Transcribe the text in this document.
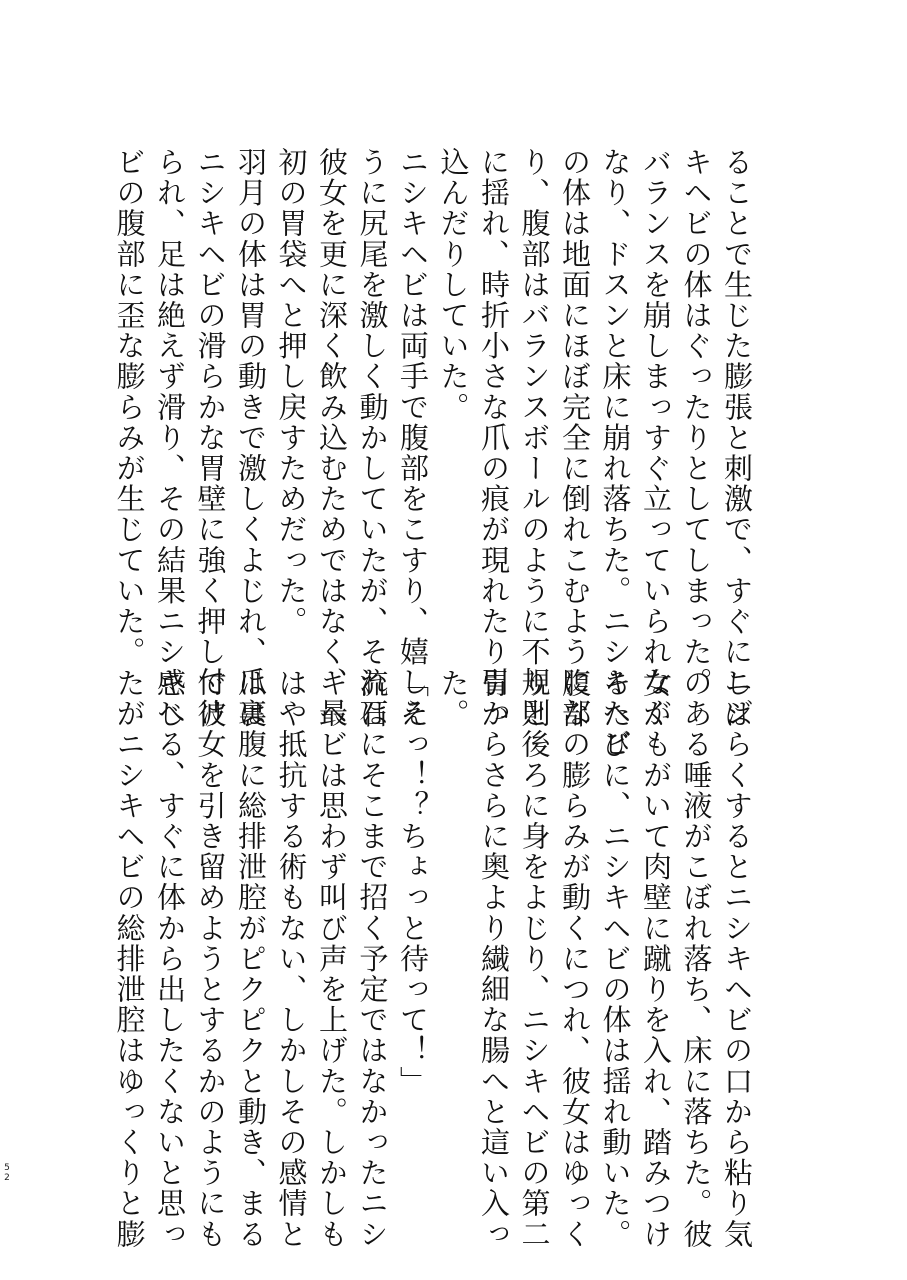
ることで生じた膨張と刺激で、すぐにニシ
キヘビの体はぐったりとしてしまった。
バランスを崩しまっすぐ立っていられなく
なり、ドスンと床に崩れ落ちた。ニシキヘビ
の体は地面にほぼ完全に倒れこむようにな
り、腹部はバランスボールのように不規則
に揺れ、時折小さな爪の痕が現れたり引っ
込んだりしていた。
ニシキヘビは両手で腹部をこすり、嬉しそ
うに尻尾を激しく動かしていたが、それは
彼女を更に深く飲み込むためではなく、最
初の胃袋へと押し戻すためだった。
羽月の体は胃の動きで激しくよじれ、爪は
ニシキヘビの滑らかな胃壁に強く押し付け
られ、足は絶えず滑り、その結果ニシキへ
ビの腹部に歪な膨らみが生じていた。
しばらくするとニシキヘビの口から粘り気
のある唾液がこぼれ落ち、床に落ちた。彼
女がもがいて肉壁に蹴りを入れ、踏みつけ
るたびに、ニシキヘビの体は揺れ動いた。
腹部の膨らみが動くにつれ、彼女はゆっく
りと後ろに身をよじり、ニシキヘビの第二
胃からさらに奥より繊細な腸へと這い入っ
た。
「えっ！？ちょっと待って！」
流石にそこまで招く予定ではなかったニシ
キヘビは思わず叫び声を上げた。しかしも
はや抵抗する術もない、しかしその感情と
は裏腹に総排泄腔がピクピクと動き、まる
で彼女を引き留めようとするかのようにも
感じる、すぐに体から出したくないと思っ
たがニシキヘビの総排泄腔はゆっくりと膨
5
2
